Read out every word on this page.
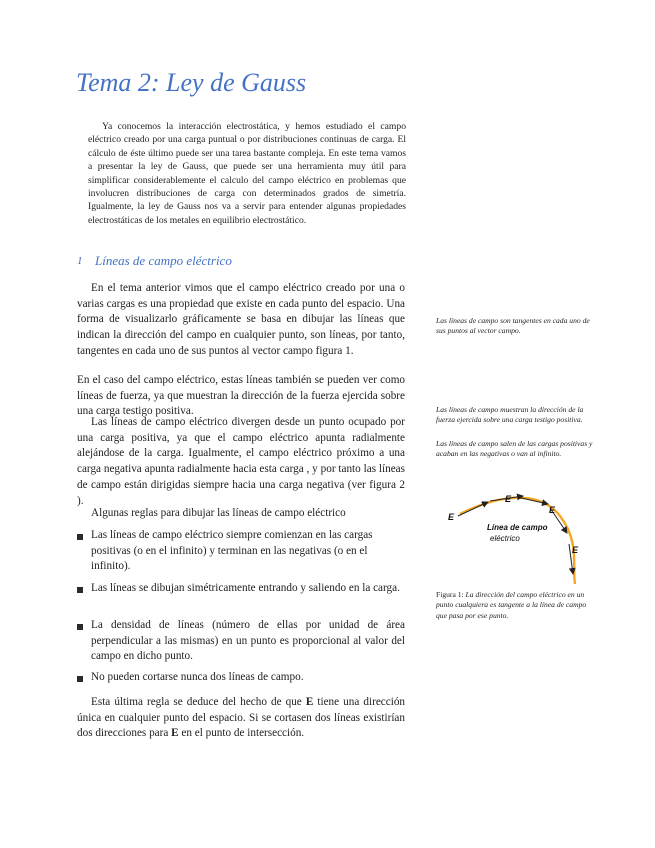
Tema 2: Ley de Gauss

Ya conocemos la interacción electrostática, y hemos estudiado el campo eléctrico creado por una carga puntual o por distribuciones continuas de carga. El cálculo de éste último puede ser una tarea bastante compleja. En este tema vamos a presentar la ley de Gauss, que puede ser una herramienta muy útil para simplificar considerablemente el calculo del campo eléctrico en problemas que involucren distribuciones de carga con determinados grados de simetría. Igualmente, la ley de Gauss nos va a servir para entender algunas propiedades electrostáticas de los metales en equilibrio electrostático.

1 Líneas de campo eléctrico

En el tema anterior vimos que el campo eléctrico creado por una o varias cargas es una propiedad que existe en cada punto del espacio. Una forma de visualizarlo gráficamente se basa en dibujar las líneas que indican la dirección del campo en cualquier punto, son líneas, por tanto, tangentes en cada uno de sus puntos al vector campo figura 1.

En el caso del campo eléctrico, estas líneas también se pueden ver como líneas de fuerza, ya que muestran la dirección de la fuerza ejercida sobre una carga testigo positiva.

Las líneas de campo eléctrico divergen desde un punto ocupado por una carga positiva, ya que el campo eléctrico apunta radialmente alejándose de la carga. Igualmente, el campo eléctrico próximo a una carga negativa apunta radialmente hacia esta carga , y por tanto las líneas de campo están dirigidas siempre hacia una carga negativa (ver figura 2 ).

Algunas reglas para dibujar las líneas de campo eléctrico

Las líneas de campo eléctrico siempre comienzan en las cargas positivas (o en el infinito) y terminan en las negativas (o en el infinito).

Las líneas se dibujan simétricamente entrando y saliendo en la carga.

La densidad de líneas (número de ellas por unidad de área perpendicular a las mismas) en un punto es proporcional al valor del campo en dicho punto.

No pueden cortarse nunca dos líneas de campo.

Esta última regla se deduce del hecho de que E tiene una dirección única en cualquier punto del espacio. Si se cortasen dos líneas existirían dos direcciones para E en el punto de intersección.

Las líneas de campo son tangentes en cada uno de sus puntos al vector campo.

Las líneas de campo muestran la dirección de la fuerza ejercida sobre una carga testigo positiva.

Las líneas de campo salen de las cargas positivas y acaban en las negativas o van al infinito.

E
E
E
E
Línea de campo
eléctrico

Figura 1: La dirección del campo eléctrico en un punto cualquiera es tangente a la línea de campo que pasa por ese punto.
